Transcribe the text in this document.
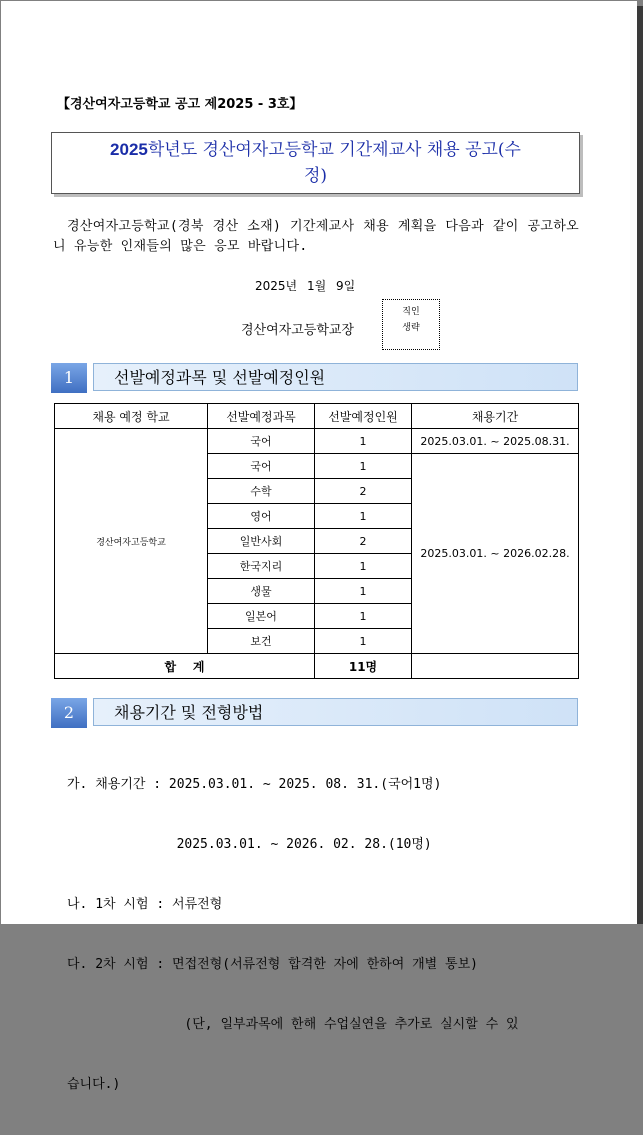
【경산여자고등학교 공고 제2025 - 3호】
2025학년도 경산여자고등학교 기간제교사 채용 공고(수
정)
경산여자고등학교(경북 경산 소재) 기간제교사 채용 계획을 다음과 같이 공고하오니 유능한 인재들의 많은 응모 바랍니다.
2025년 1월 9일
경산여자고등학교장
직인
생략
1	선발예정과목 및 선발예정인원
채용 예정 학교	선발예정과목	선발예정인원	채용기간
경산여자고등학교	국어	1	2025.03.01. ~ 2025.08.31.
	국어	1	2025.03.01. ~ 2026.02.28.
	수학	2	
	영어	1	
	일반사회	2	
	한국지리	1	
	생물	1	
	일본어	1	
	보건	1	
합    계		11명	
2	채용기간 및 전형방법

가. 채용기간 : 2025.03.01. ~ 2025. 08. 31.(국어1명)

2025.03.01. ~ 2026. 02. 28.(10명)

나. 1차 시험 : 서류전형

다. 2차 시험 : 면접전형(서류전형 합격한 자에 한하여 개별 통보)

(단, 일부과목에 한해 수업실연을 추가로 실시할 수 있

습니다.)
